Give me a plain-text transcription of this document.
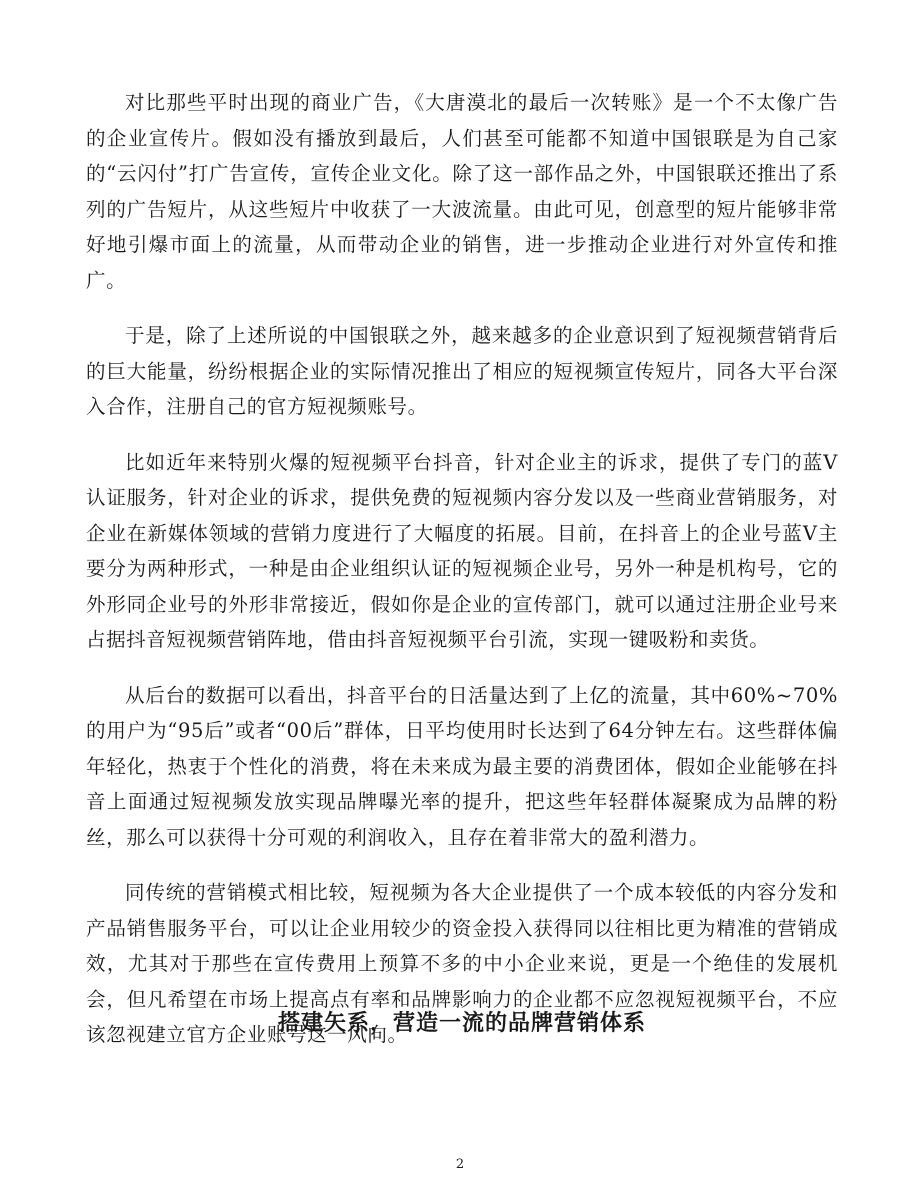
对比那些平时出现的商业广告，《大唐漠北的最后一次转账》是一个不太像广告的企业宣传片。假如没有播放到最后，人们甚至可能都不知道中国银联是为自己家的“云闪付”打广告宣传，宣传企业文化。除了这一部作品之外，中国银联还推出了系列的广告短片，从这些短片中收获了一大波流量。由此可见，创意型的短片能够非常好地引爆市面上的流量，从而带动企业的销售，进一步推动企业进行对外宣传和推广。

于是，除了上述所说的中国银联之外，越来越多的企业意识到了短视频营销背后的巨大能量，纷纷根据企业的实际情况推出了相应的短视频宣传短片，同各大平台深入合作，注册自己的官方短视频账号。

比如近年来特别火爆的短视频平台抖音，针对企业主的诉求，提供了专门的蓝V认证服务，针对企业的诉求，提供免费的短视频内容分发以及一些商业营销服务，对企业在新媒体领域的营销力度进行了大幅度的拓展。目前，在抖音上的企业号蓝V主要分为两种形式，一种是由企业组织认证的短视频企业号，另外一种是机构号，它的外形同企业号的外形非常接近，假如你是企业的宣传部门，就可以通过注册企业号来占据抖音短视频营销阵地，借由抖音短视频平台引流，实现一键吸粉和卖货。

从后台的数据可以看出，抖音平台的日活量达到了上亿的流量，其中60%~70%的用户为“95后”或者“00后”群体，日平均使用时长达到了64分钟左右。这些群体偏年轻化，热衷于个性化的消费，将在未来成为最主要的消费团体，假如企业能够在抖音上面通过短视频发放实现品牌曝光率的提升，把这些年轻群体凝聚成为品牌的粉丝，那么可以获得十分可观的利润收入，且存在着非常大的盈利潜力。

同传统的营销模式相比较，短视频为各大企业提供了一个成本较低的内容分发和产品销售服务平台，可以让企业用较少的资金投入获得同以往相比更为精准的营销成效，尤其对于那些在宣传费用上预算不多的中小企业来说，更是一个绝佳的发展机会，但凡希望在市场上提高点有率和品牌影响力的企业都不应忽视短视频平台，不应该忽视建立官方企业账号这一风向。

搭建矢系，营造一流的品牌营销体系

2
